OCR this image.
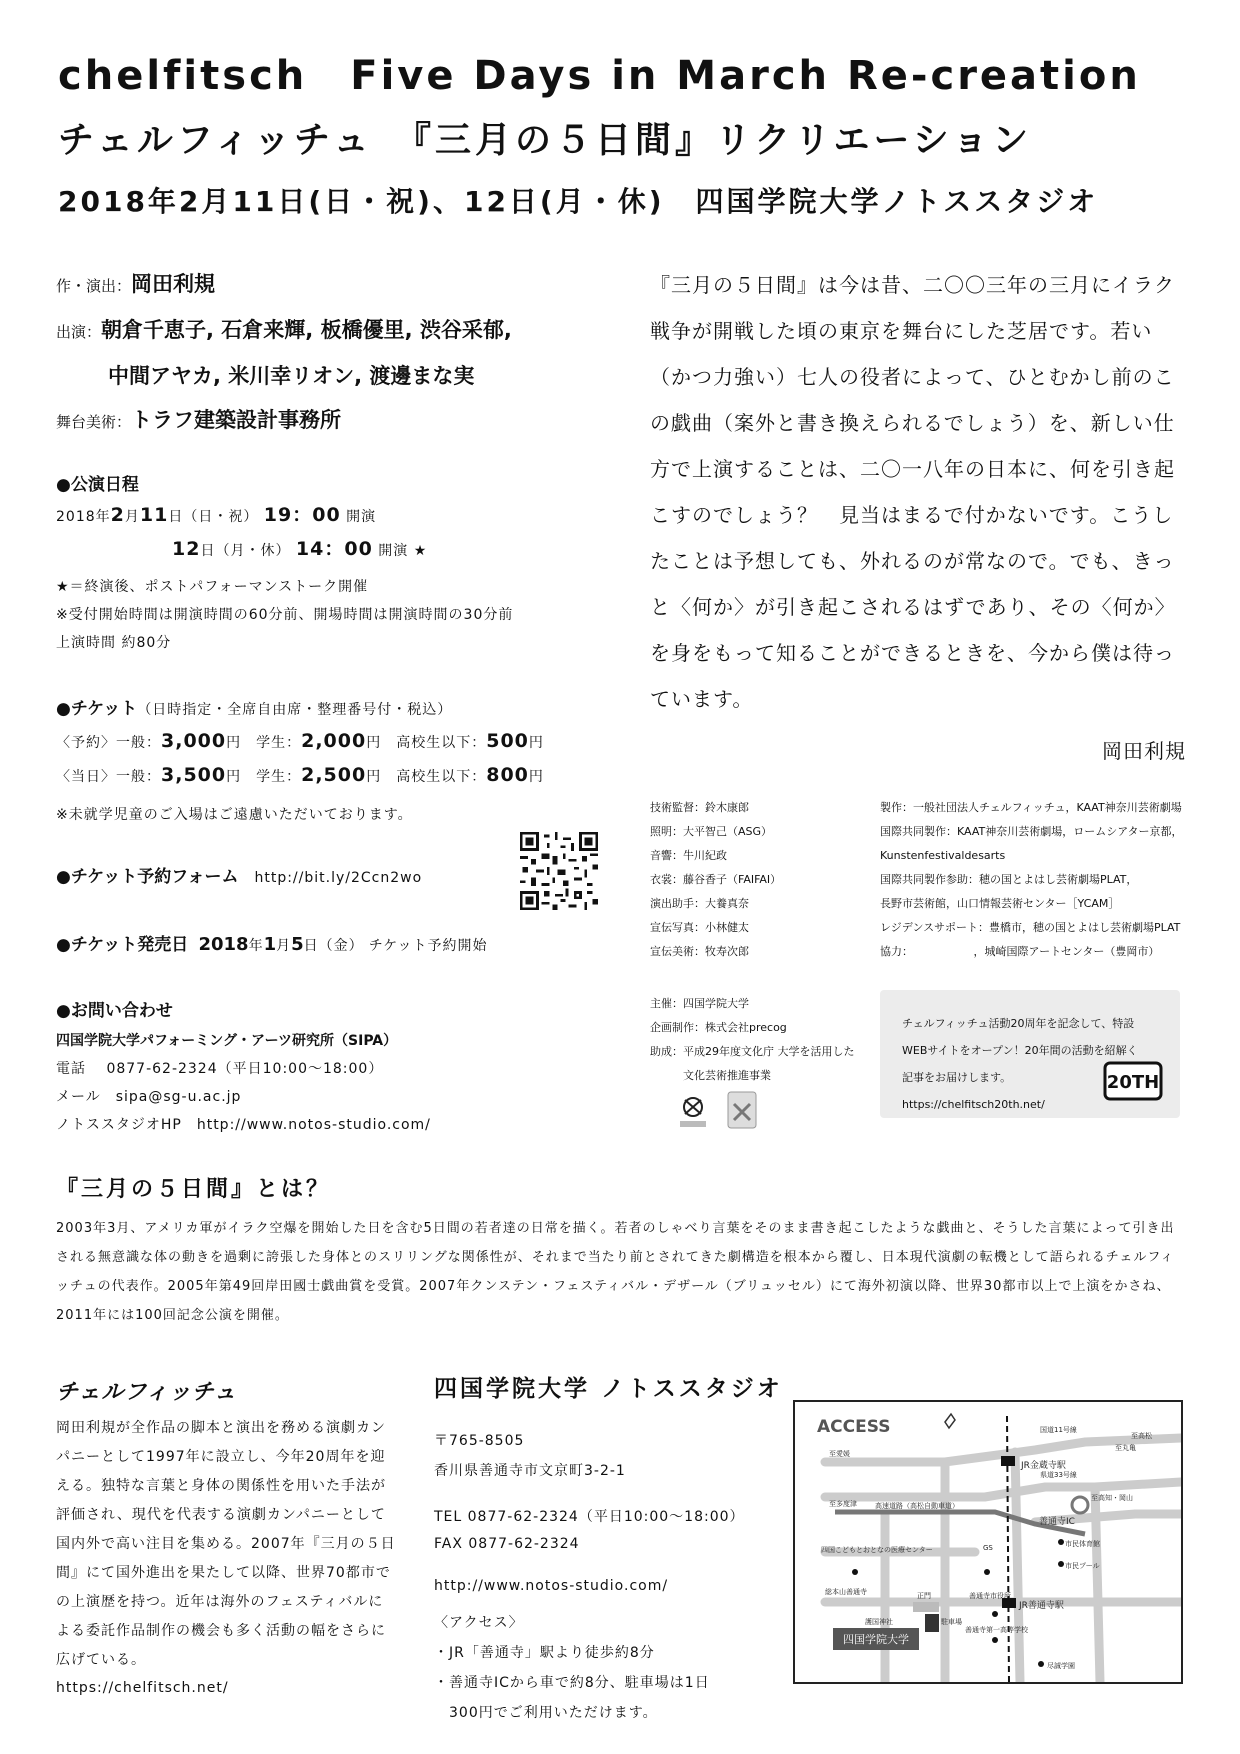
chelfitsch　Five Days in March Re-creation
チェルフィッチュ　『三月の５日間』リクリエーション
2018年2月11日(日・祝)、12日(月・休)　四国学院大学ノトススタジオ
作・演出：岡田利規
出演：朝倉千恵子, 石倉来輝, 板橋優里, 渋谷采郁,
中間アヤカ, 米川幸リオン, 渡邊まな実
舞台美術：トラフ建築設計事務所
●公演日程
2018年2月11日（日・祝） 19：00 開演
12日（月・休） 14：00 開演 ★
★＝終演後、ポストパフォーマンストーク開催
※受付開始時間は開演時間の60分前、開場時間は開演時間の30分前
上演時間 約80分
●チケット（日時指定・全席自由席・整理番号付・税込）
〈予約〉一般：3,000円　 学生：2,000円　 高校生以下：500円
〈当日〉一般：3,500円　 学生：2,500円　 高校生以下：800円
※未就学児童のご入場はご遠慮いただいております。
●チケット予約フォーム　 http://bit.ly/2Ccn2wo
●チケット発売日 2018年1月5日（金） チケット予約開始
●お問い合わせ
四国学院大学パフォーミング・アーツ研究所（SIPA）
電話　 0877-62-2324（平日10:00～18:00）
メール　sipa@sg-u.ac.jp
ノトススタジオHP　http://www.notos-studio.com/

『三月の５日間』は今は昔、二〇〇三年の三月にイラク戦争が開戦した頃の東京を舞台にした芝居です。若い（かつ力強い）七人の役者によって、ひとむかし前のこの戯曲（案外と書き換えられるでしょう）を、新しい仕方で上演することは、二〇一八年の日本に、何を引き起こすのでしょう？　見当はまるで付かないです。こうしたことは予想しても、外れるのが常なので。でも、きっと〈何か〉が引き起こされるはずであり、その〈何か〉を身をもって知ることができるときを、今から僕は待っています。

岡田利規
技術監督：鈴木康郎
照明：大平智己（ASG）
音響：牛川紀政
衣裳：藤谷香子（FAIFAI）
演出助手：大養真奈
宣伝写真：小林健太
宣伝美術：牧寿次郎
製作：一般社団法人チェルフィッチュ，KAAT神奈川芸術劇場
国際共同製作：KAAT神奈川芸術劇場，ロームシアター京都，
Kunstenfestivaldesarts
国際共同製作参助：穂の国とよはし芸術劇場PLAT，
長野市芸術館，山口情報芸術センター［YCAM］
レジデンスサポート：豊橋市，穂の国とよはし芸術劇場PLAT
協力：　　　　　　，城崎国際アートセンター（豊岡市）
主催：四国学院大学
企画制作：株式会社precog
助成：平成29年度文化庁 大学を活用した
　　　文化芸術推進事業
チェルフィッチュ活動20周年を記念して、特設
WEBサイトをオープン！20年間の活動を紹解く
記事をお届けします。
https://chelfitsch20th.net/
20TH
『三月の５日間』とは？
2003年3月、アメリカ軍がイラク空爆を開始した日を含む5日間の若者達の日常を描く。若者のしゃべり言葉をそのまま書き起こしたような戯曲と、そうした言葉によって引き出される無意識な体の動きを過剰に誇張した身体とのスリリングな関係性が、それまで当たり前とされてきた劇構造を根本から覆し、日本現代演劇の転機として語られるチェルフィッチュの代表作。2005年第49回岸田國士戯曲賞を受賞。2007年クンステン・フェスティバル・デザール（ブリュッセル）にて海外初演以降、世界30都市以上で上演をかさね、2011年には100回記念公演を開催。
チェルフィッチュ
岡田利規が全作品の脚本と演出を務める演劇カンパニーとして1997年に設立し、今年20周年を迎える。独特な言葉と身体の関係性を用いた手法が評価され、現代を代表する演劇カンパニーとして国内外で高い注目を集める。2007年『三月の５日間』にて国外進出を果たして以降、世界70都市での上演歴を持つ。近年は海外のフェスティバルによる委託作品制作の機会も多く活動の幅をさらに広げている。
https://chelfitsch.net/
四国学院大学 ノトススタジオ
〒765-8505
香川県善通寺市文京町3-2-1
TEL 0877-62-2324（平日10:00～18:00）
FAX 0877-62-2324
http://www.notos-studio.com/
〈アクセス〉
・JR「善通寺」駅より徒歩約8分
・善通寺ICから車で約8分、駐車場は1日
　300円でご利用いただけます。
ACCESS
四国学院大学
国道11号線
JR金蔵寺駅
県道33号線
至丸亀
至愛媛
至多度津	高速道路（高松自動車道）
至高知・岡山
善通寺IC
四国こどもとおとなの医療センター	GS	市民体育館
市民プール
総本山善通寺
JR善通寺駅
善通寺市役所
護国神社
正門
駐車場
善通寺第一高等学校
尽誠学園
至高松
